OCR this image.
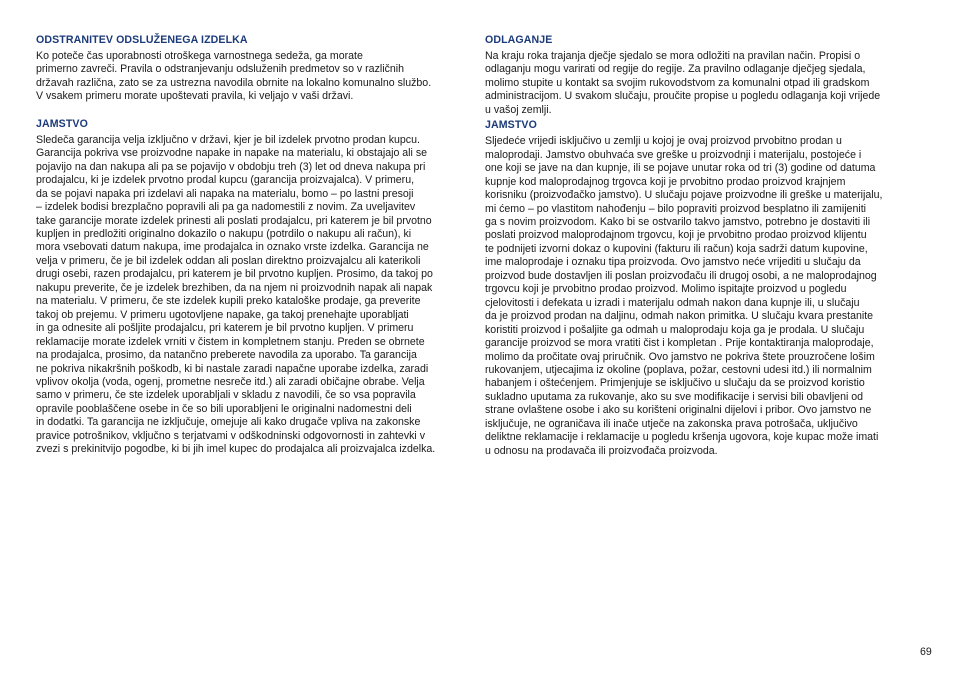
ODSTRANITEV ODSLUŽENEGA IZDELKA
Ko poteče čas uporabnosti otroškega varnostnega sedeža, ga morate
primerno zavreči. Pravila o odstranjevanju odsluženih predmetov so v različnih
državah različna, zato se za ustrezna navodila obrnite na lokalno komunalno službo.
V vsakem primeru morate upoštevati pravila, ki veljajo v vaši državi.
JAMSTVO
Sledeča garancija velja izključno v državi, kjer je bil izdelek prvotno prodan kupcu.
Garancija pokriva vse proizvodne napake in napake na materialu, ki obstajajo ali se
pojavijo na dan nakupa ali pa se pojavijo v obdobju treh (3) let od dneva nakupa pri
prodajalcu, ki je izdelek prvotno prodal kupcu (garancija proizvajalca). V primeru,
da se pojavi napaka pri izdelavi ali napaka na materialu, bomo – po lastni presoji
– izdelek bodisi brezplačno popravili ali pa ga nadomestili z novim. Za uveljavitev
take garancije morate izdelek prinesti ali poslati prodajalcu, pri katerem je bil prvotno
kupljen in predložiti originalno dokazilo o nakupu (potrdilo o nakupu ali račun), ki
mora vsebovati datum nakupa, ime prodajalca in oznako vrste izdelka. Garancija ne
velja v primeru, če je bil izdelek oddan ali poslan direktno proizvajalcu ali katerikoli
drugi osebi, razen prodajalcu, pri katerem je bil prvotno kupljen. Prosimo, da takoj po
nakupu preverite, če je izdelek brezhiben, da na njem ni proizvodnih napak ali napak
na materialu. V primeru, če ste izdelek kupili preko kataloške prodaje, ga preverite
takoj ob prejemu. V primeru ugotovljene napake, ga takoj prenehajte uporabljati
in ga odnesite ali pošljite prodajalcu, pri katerem je bil prvotno kupljen. V primeru
reklamacije morate izdelek vrniti v čistem in kompletnem stanju. Preden se obrnete
na prodajalca, prosimo, da natančno preberete navodila za uporabo. Ta garancija
ne pokriva nikakršnih poškodb, ki bi nastale zaradi napačne uporabe izdelka, zaradi
vplivov okolja (voda, ogenj, prometne nesreče itd.) ali zaradi običajne obrabe. Velja
samo v primeru, če ste izdelek uporabljali v skladu z navodili, če so vsa popravila
opravile pooblaščene osebe in če so bili uporabljeni le originalni nadomestni deli
in dodatki. Ta garancija ne izključuje, omejuje ali kako drugače vpliva na zakonske
pravice potrošnikov, vključno s terjatvami v odškodninski odgovornosti in zahtevki v
zvezi s prekinitvijo pogodbe, ki bi jih imel kupec do prodajalca ali proizvajalca izdelka.
ODLAGANJE
Na kraju roka trajanja dječje sjedalo se mora odložiti na pravilan način. Propisi o
odlaganju mogu varirati od regije do regije. Za pravilno odlaganje dječjeg sjedala,
molimo stupite u kontakt sa svojim rukovodstvom za komunalni otpad ili gradskom
administracijom. U svakom slučaju, proučite propise u pogledu odlaganja koji vrijede
u vašoj zemlji.
JAMSTVO
Sljedeće vrijedi isključivo u zemlji u kojoj je ovaj proizvod prvobitno prodan u
maloprodaji. Jamstvo obuhvaća sve greške u proizvodnji i materijalu, postojeće i
one koji se jave na dan kupnje, ili se pojave unutar roka od tri (3) godine od datuma
kupnje kod maloprodajnog trgovca koji je prvobitno prodao proizvod krajnjem
korisniku (proizvođačko jamstvo). U slučaju pojave proizvodne ili greške u materijalu,
mi ćemo – po vlastitom nahođenju – bilo popraviti proizvod besplatno ili zamijeniti
ga s novim proizvodom. Kako bi se ostvarilo takvo jamstvo, potrebno je dostaviti ili
poslati proizvod maloprodajnom trgovcu, koji je prvobitno prodao proizvod klijentu
te podnijeti izvorni dokaz o kupovini (fakturu ili račun) koja sadrži datum kupovine,
ime maloprodaje i oznaku tipa proizvoda. Ovo jamstvo neće vrijediti u slučaju da
proizvod bude dostavljen ili poslan proizvođaču ili drugoj osobi, a ne maloprodajnog
trgovcu koji je prvobitno prodao proizvod. Molimo ispitajte proizvod u pogledu
cjelovitosti i defekata u izradi i materijalu odmah nakon dana kupnje ili, u slučaju
da je proizvod prodan na daljinu, odmah nakon primitka. U slučaju kvara prestanite
koristiti proizvod i pošaljite ga odmah u maloprodaju koja ga je prodala. U slučaju
garancije proizvod se mora vratiti čist i kompletan . Prije kontaktiranja maloprodaje,
molimo da pročitate ovaj priručnik. Ovo jamstvo ne pokriva štete prouzročene lošim
rukovanjem, utjecajima iz okoline (poplava, požar, cestovni udesi itd.) ili normalnim
habanjem i oštećenjem. Primjenjuje se isključivo u slučaju da se proizvod koristio
sukladno uputama za rukovanje, ako su sve modifikacije i servisi bili obavljeni od
strane ovlaštene osobe i ako su korišteni originalni dijelovi i pribor. Ovo jamstvo ne
isključuje, ne ograničava ili inače utječe na zakonska prava potrošača, uključivo
deliktne reklamacije i reklamacije u pogledu kršenja ugovora, koje kupac može imati
u odnosu na prodavača ili proizvođača proizvoda.
69
